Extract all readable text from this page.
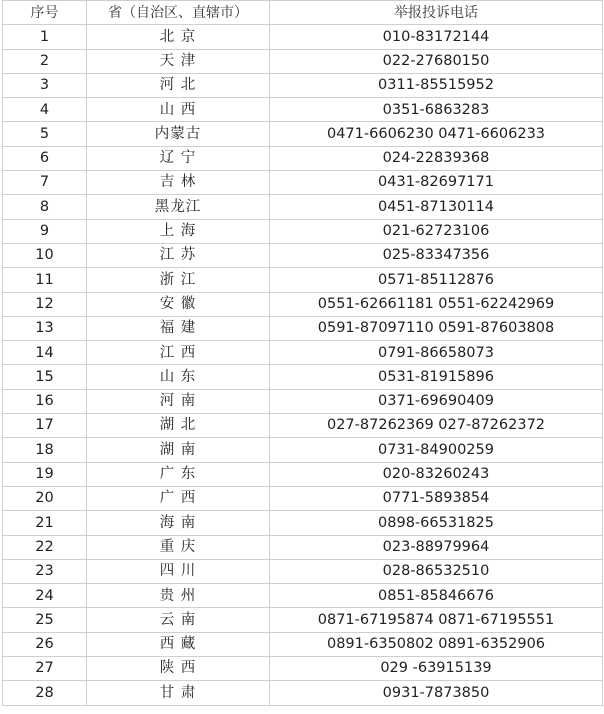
序号	省（自治区、直辖市）	举报投诉电话
1	北 京	010-83172144
2	天 津	022-27680150
3	河 北	0311-85515952
4	山 西	0351-6863283
5	内蒙古	0471-6606230 0471-6606233
6	辽 宁	024-22839368
7	吉 林	0431-82697171
8	黑龙江	0451-87130114
9	上 海	021-62723106
10	江 苏	025-83347356
11	浙 江	0571-85112876
12	安 徽	0551-62661181 0551-62242969
13	福 建	0591-87097110 0591-87603808
14	江 西	0791-86658073
15	山 东	0531-81915896
16	河 南	0371-69690409
17	湖 北	027-87262369 027-87262372
18	湖 南	0731-84900259
19	广 东	020-83260243
20	广 西	0771-5893854
21	海 南	0898-66531825
22	重 庆	023-88979964
23	四 川	028-86532510
24	贵 州	0851-85846676
25	云 南	0871-67195874 0871-67195551
26	西 藏	0891-6350802 0891-6352906
27	陕 西	029 -63915139
28	甘 肃	0931-7873850
